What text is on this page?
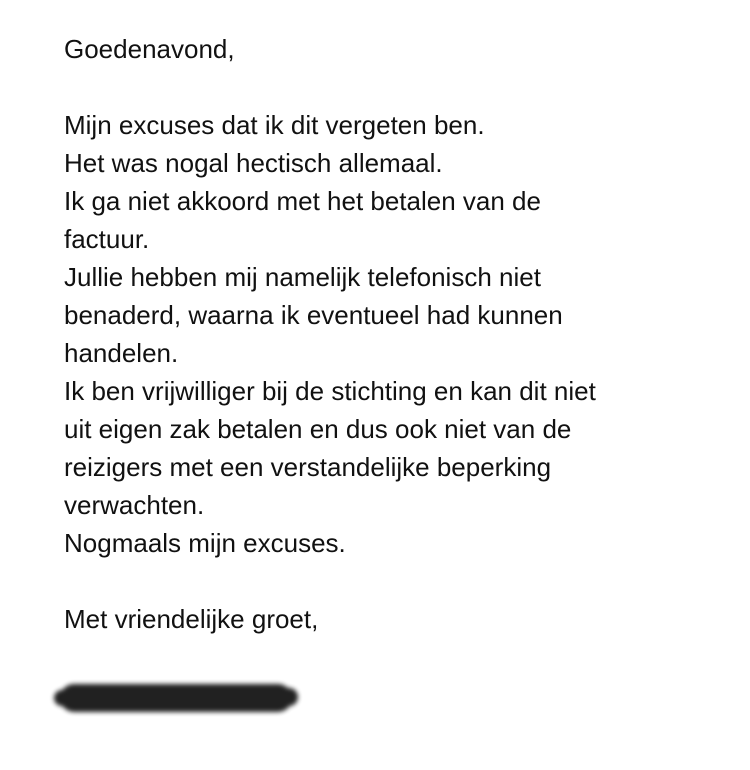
Goedenavond,
Mijn excuses dat ik dit vergeten ben.
Het was nogal hectisch allemaal.
Ik ga niet akkoord met het betalen van de
factuur.
Jullie hebben mij namelijk telefonisch niet
benaderd, waarna ik eventueel had kunnen
handelen.
Ik ben vrijwilliger bij de stichting en kan dit niet
uit eigen zak betalen en dus ook niet van de
reizigers met een verstandelijke beperking
verwachten.
Nogmaals mijn excuses.
Met vriendelijke groet,
